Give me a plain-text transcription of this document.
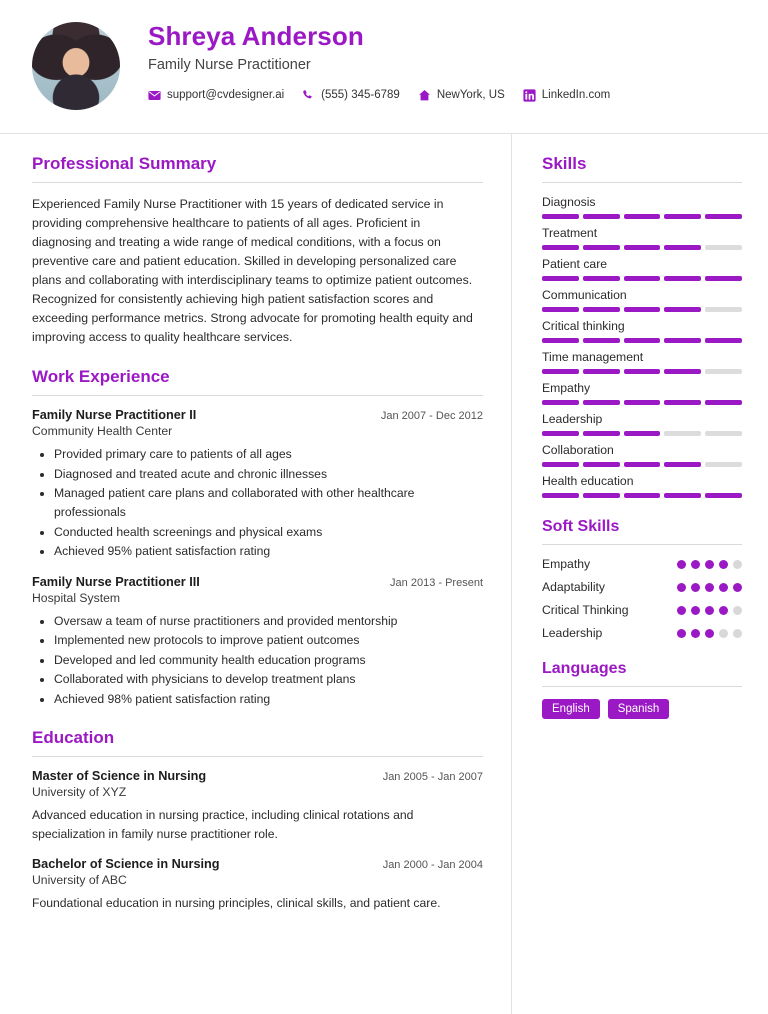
Shreya Anderson
Family Nurse Practitioner
support@cvdesigner.ai	(555) 345-6789	NewYork, US	LinkedIn.com
Professional Summary

Experienced Family Nurse Practitioner with 15 years of dedicated service in providing comprehensive healthcare to patients of all ages. Proficient in diagnosing and treating a wide range of medical conditions, with a focus on preventive care and patient education. Skilled in developing personalized care plans and collaborating with interdisciplinary teams to optimize patient outcomes. Recognized for consistently achieving high patient satisfaction scores and exceeding performance metrics. Strong advocate for promoting health equity and improving access to quality healthcare services.

Work Experience
Family Nurse Practitioner II	Jan 2007 - Dec 2012
Community Health Center
• Provided primary care to patients of all ages
• Diagnosed and treated acute and chronic illnesses
• Managed patient care plans and collaborated with other healthcare professionals
• Conducted health screenings and physical exams
• Achieved 95% patient satisfaction rating
Family Nurse Practitioner III	Jan 2013 - Present
Hospital System
• Oversaw a team of nurse practitioners and provided mentorship
• Implemented new protocols to improve patient outcomes
• Developed and led community health education programs
• Collaborated with physicians to develop treatment plans
• Achieved 98% patient satisfaction rating
Education
Master of Science in Nursing	Jan 2005 - Jan 2007
University of XYZ

Advanced education in nursing practice, including clinical rotations and specialization in family nurse practitioner role.

Bachelor of Science in Nursing	Jan 2000 - Jan 2004
University of ABC

Foundational education in nursing principles, clinical skills, and patient care.

Skills
Diagnosis
Treatment
Patient care
Communication
Critical thinking
Time management
Empathy
Leadership
Collaboration
Health education
Soft Skills
Empathy
Adaptability
Critical Thinking
Leadership
Languages
English	Spanish
